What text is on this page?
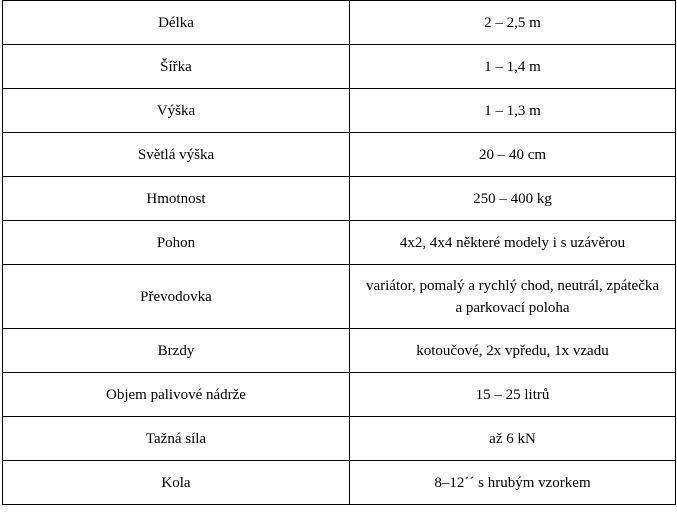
Délka	2 – 2,5 m
Šířka	1 – 1,4 m
Výška	1 – 1,3 m
Světlá výška	20 – 40 cm
Hmotnost	250 – 400 kg
Pohon	4x2, 4x4 některé modely i s uzávěrou
Převodovka	variátor, pomalý a rychlý chod, neutrál, zpátečka a parkovací poloha
Brzdy	kotoučové, 2x vpředu, 1x vzadu
Objem palivové nádrže	15 – 25 litrů
Tažná síla	až 6 kN
Kola	8–12´´ s hrubým vzorkem
